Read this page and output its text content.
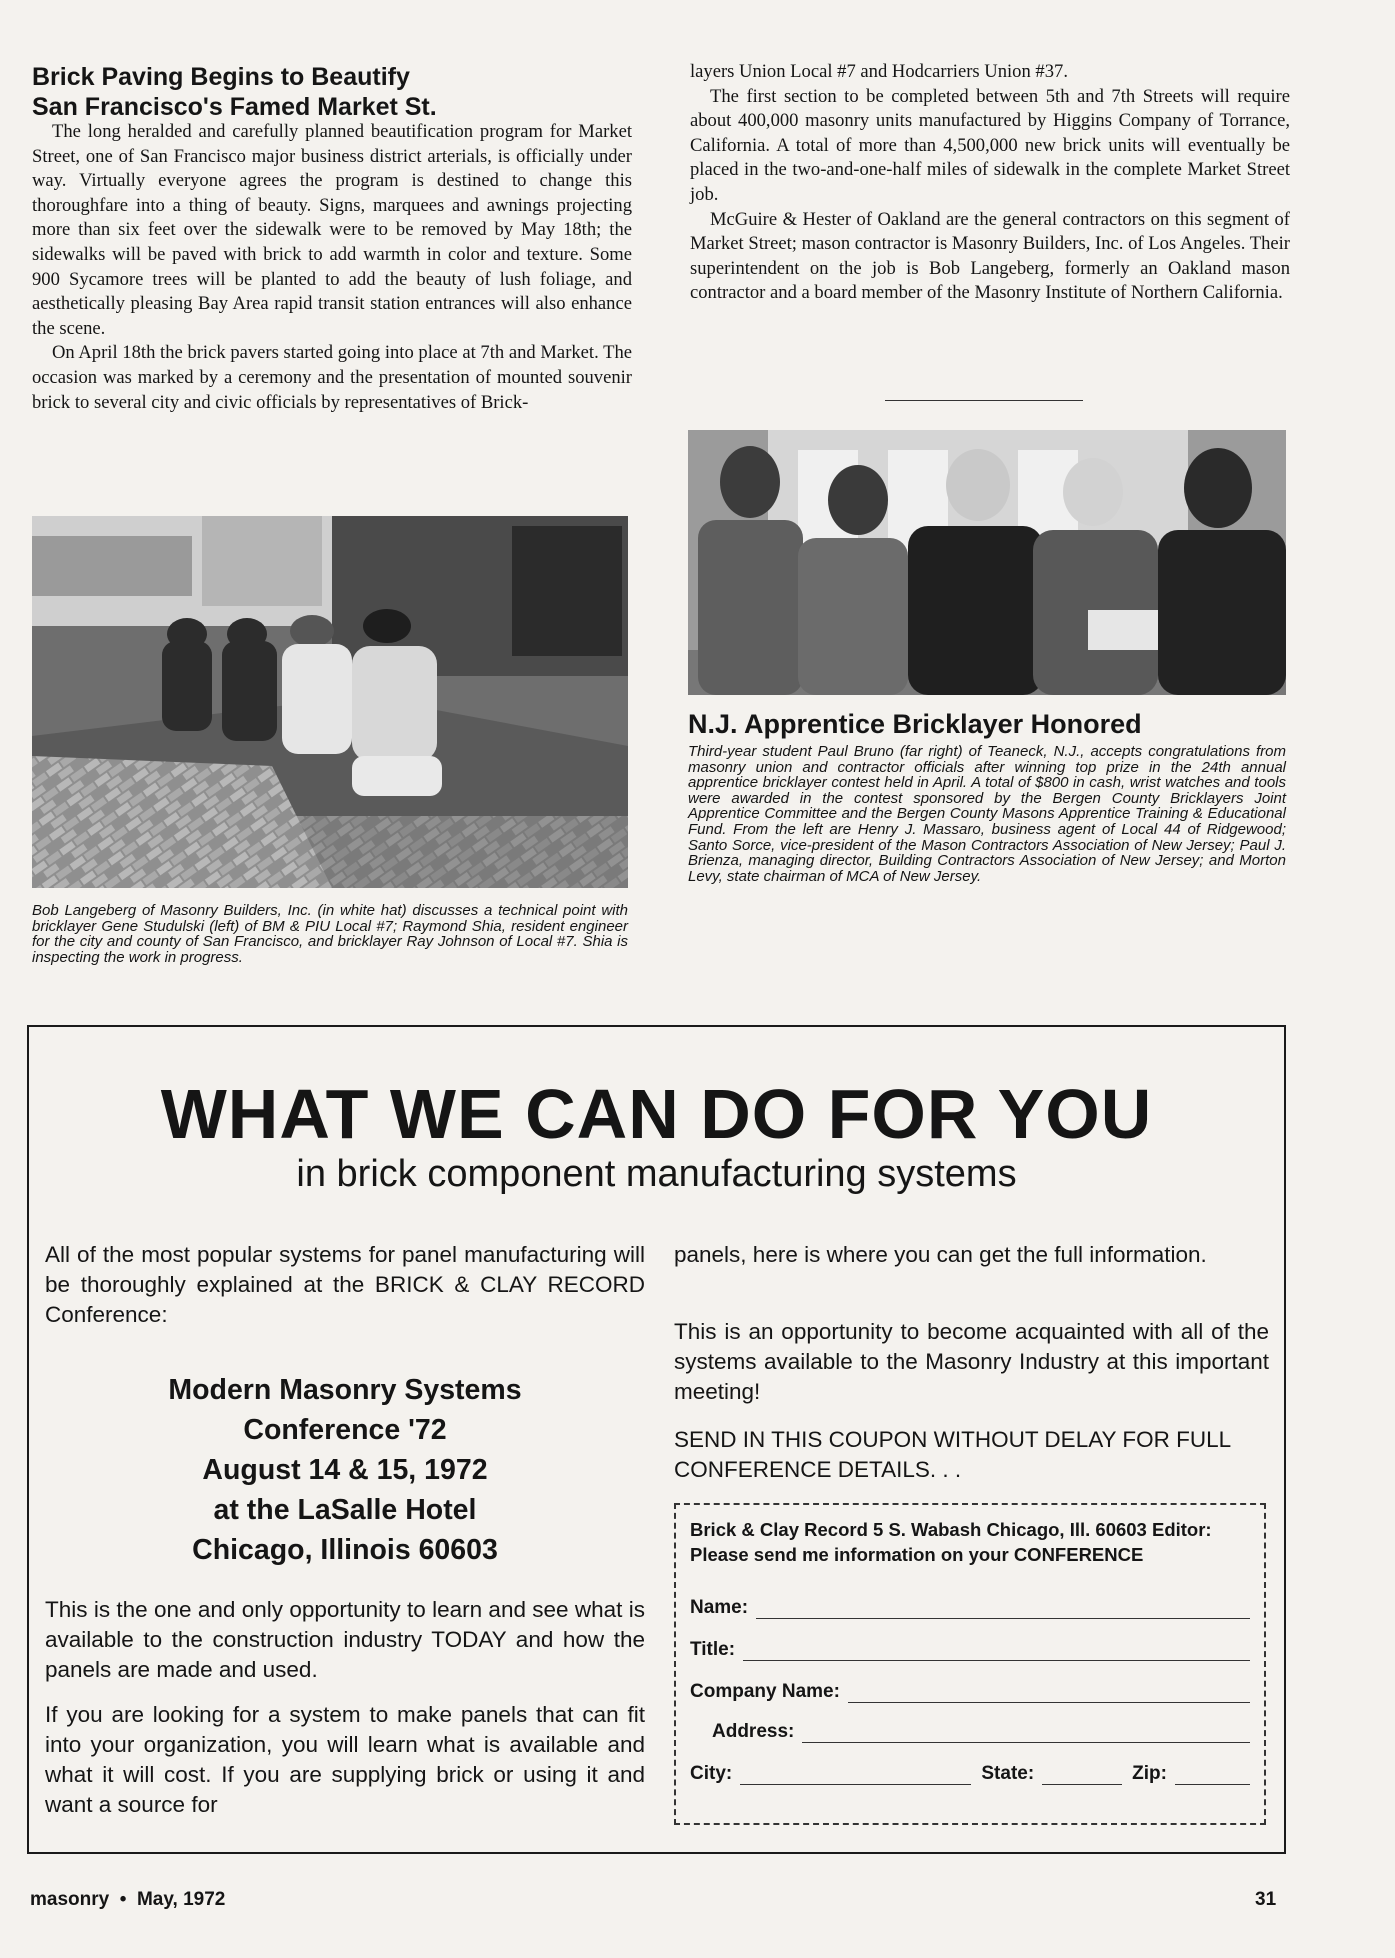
Brick Paving Begins to Beautify
San Francisco's Famed Market St.

The long heralded and carefully planned beautification program for Market Street, one of San Francisco major business district arterials, is officially under way. Virtually everyone agrees the program is destined to change this thoroughfare into a thing of beauty. Signs, marquees and awnings projecting more than six feet over the sidewalk were to be removed by May 18th; the sidewalks will be paved with brick to add warmth in color and texture. Some 900 Sycamore trees will be planted to add the beauty of lush foliage, and aesthetically pleasing Bay Area rapid transit station entrances will also enhance the scene.

On April 18th the brick pavers started going into place at 7th and Market. The occasion was marked by a ceremony and the presentation of mounted souvenir brick to several city and civic officials by representatives of Brick-

layers Union Local #7 and Hodcarriers Union #37.

The first section to be completed between 5th and 7th Streets will require about 400,000 masonry units manufactured by Higgins Company of Torrance, California. A total of more than 4,500,000 new brick units will eventually be placed in the two-and-one-half miles of sidewalk in the complete Market Street job.

McGuire & Hester of Oakland are the general contractors on this segment of Market Street; mason contractor is Masonry Builders, Inc. of Los Angeles. Their superintendent on the job is Bob Langeberg, formerly an Oakland mason contractor and a board member of the Masonry Institute of Northern California.

Bob Langeberg of Masonry Builders, Inc. (in white hat) discusses a technical point with bricklayer Gene Studulski (left) of BM & PIU Local #7; Raymond Shia, resident engineer for the city and county of San Francisco, and bricklayer Ray Johnson of Local #7. Shia is inspecting the work in progress.

N.J. Apprentice Bricklayer Honored

Third-year student Paul Bruno (far right) of Teaneck, N.J., accepts congratulations from masonry union and contractor officials after winning top prize in the 24th annual apprentice bricklayer contest held in April. A total of $800 in cash, wrist watches and tools were awarded in the contest sponsored by the Bergen County Bricklayers Joint Apprentice Committee and the Bergen County Masons Apprentice Training & Educational Fund. From the left are Henry J. Massaro, business agent of Local 44 of Ridgewood; Santo Sorce, vice-president of the Mason Contractors Association of New Jersey; Paul J. Brienza, managing director, Building Contractors Association of New Jersey; and Morton Levy, state chairman of MCA of New Jersey.

WHAT WE CAN DO FOR YOU
in brick component manufacturing systems

All of the most popular systems for panel manufacturing will be thoroughly explained at the BRICK & CLAY RECORD Conference:

Modern Masonry Systems
Conference '72
August 14 & 15, 1972
at the LaSalle Hotel
Chicago, Illinois 60603

This is the one and only opportunity to learn and see what is available to the construction industry TODAY and how the panels are made and used.

If you are looking for a system to make panels that can fit into your organization, you will learn what is available and what it will cost. If you are supplying brick or using it and want a source for

panels, here is where you can get the full information.

This is an opportunity to become acquainted with all of the systems available to the Masonry Industry at this important meeting!

SEND IN THIS COUPON WITHOUT DELAY FOR FULL CONFERENCE DETAILS. . .

Brick & Clay Record 5 S. Wabash Chicago, Ill. 60603 Editor: Please send me information on your CONFERENCE
Name:
Title:
Company Name:
Address:
City:	State:	Zip:
masonry  •  May, 1972	31
